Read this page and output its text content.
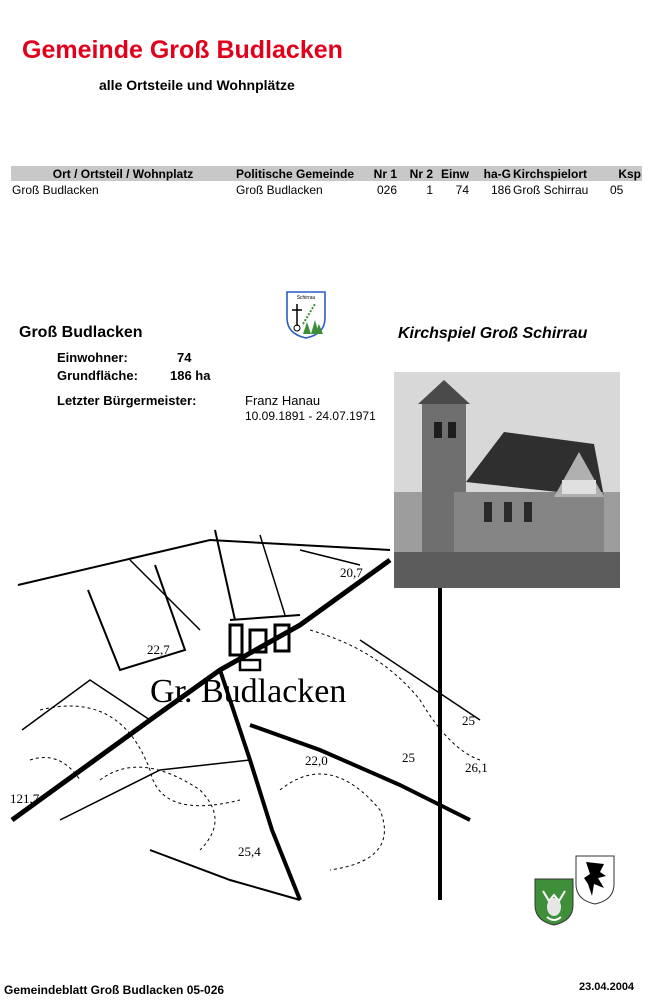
Gemeinde Groß Budlacken
alle Ortsteile und Wohnplätze
Ort / Ortsteil / Wohnplatz	Politische Gemeinde	Nr 1	Nr 2	Einw	ha-G	Kirchspielort	Ksp
Groß Budlacken	Groß Budlacken	026	1	74	186	Groß Schirrau	05
Schirrau
Groß Budlacken	Kirchspiel Groß Schirrau
Einwohner:	74
Grundfläche: 186 ha
Letzter Bürgermeister:	Franz Hanau
10.09.1891 - 24.07.1971
Gr. Budlacken
20,7
22,7
22,0
25
26,1
25
121,7
25,4
Gemeindeblatt Groß Budlacken 05-026	23.04.2004
